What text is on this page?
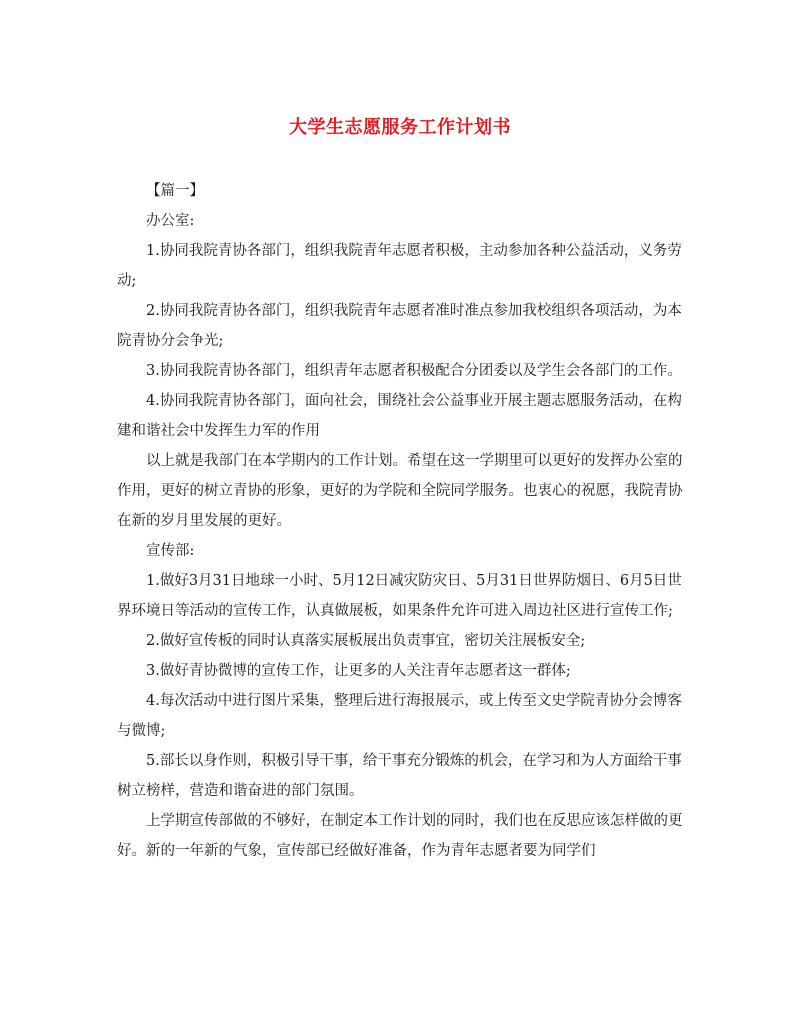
大学生志愿服务工作计划书

【篇一】

办公室:

1.协同我院青协各部门，组织我院青年志愿者积极，主动参加各种公益活动，义务劳动;

2.协同我院青协各部门，组织我院青年志愿者准时准点参加我校组织各项活动，为本院青协分会争光;

3.协同我院青协各部门，组织青年志愿者积极配合分团委以及学生会各部门的工作。

4.协同我院青协各部门，面向社会，围绕社会公益事业开展主题志愿服务活动，在构建和谐社会中发挥生力军的作用

以上就是我部门在本学期内的工作计划。希望在这一学期里可以更好的发挥办公室的作用，更好的树立青协的形象，更好的为学院和全院同学服务。也衷心的祝愿，我院青协在新的岁月里发展的更好。

宣传部:

1.做好3月31日地球一小时、5月12日减灾防灾日、5月31日世界防烟日、6月5日世界环境日等活动的宣传工作，认真做展板，如果条件允许可进入周边社区进行宣传工作;

2.做好宣传板的同时认真落实展板展出负责事宜，密切关注展板安全;

3.做好青协微博的宣传工作，让更多的人关注青年志愿者这一群体;

4.每次活动中进行图片采集，整理后进行海报展示，或上传至文史学院青协分会博客与微博;

5.部长以身作则，积极引导干事，给干事充分锻炼的机会，在学习和为人方面给干事树立榜样，营造和谐奋进的部门氛围。

上学期宣传部做的不够好，在制定本工作计划的同时，我们也在反思应该怎样做的更好。新的一年新的气象，宣传部已经做好准备，作为青年志愿者要为同学们
